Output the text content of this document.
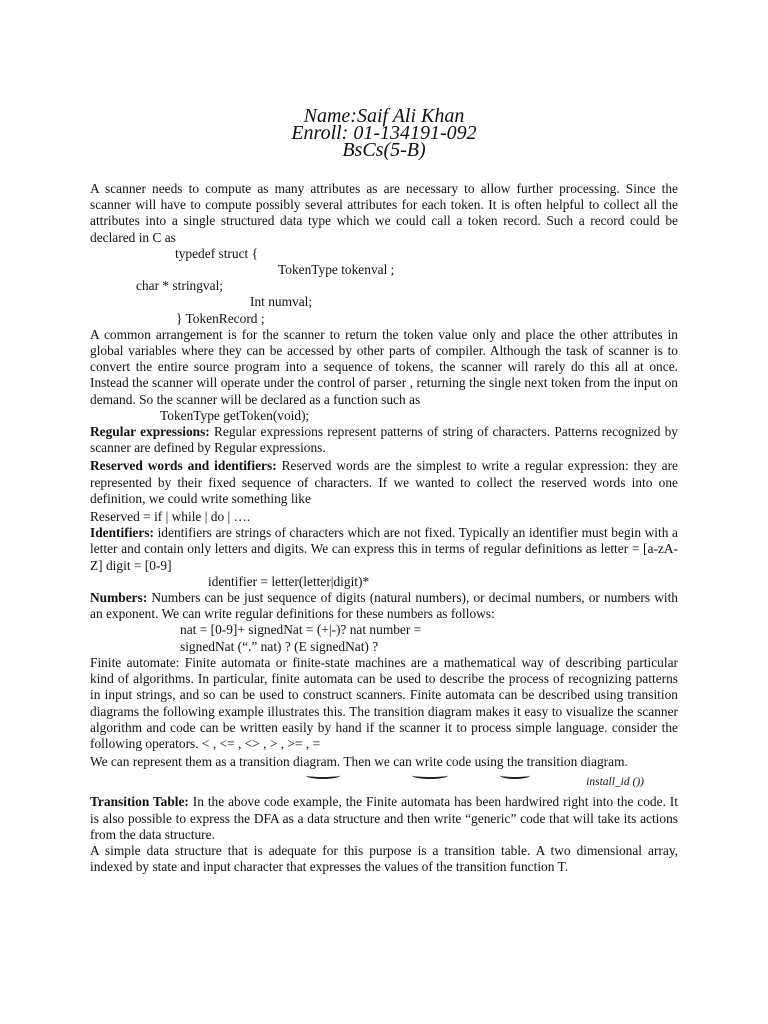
Name:Saif Ali Khan
Enroll: 01-134191-092
BsCs(5-B)

A scanner needs to compute as many attributes as are necessary to allow further processing. Since the scanner will have to compute possibly several attributes for each token. It is often helpful to collect all the attributes into a single structured data type which we could call a token record. Such a record could be declared in C as

typedef struct {
TokenType tokenval ;
char * stringval;
Int numval;
} TokenRecord ;

A common arrangement is for the scanner to return the token value only and place the other attributes in global variables where they can be accessed by other parts of compiler. Although the task of scanner is to convert the entire source program into a sequence of tokens, the scanner will rarely do this all at once. Instead the scanner will operate under the control of parser , returning the single next token from the input on demand. So the scanner will be declared as a function such as

TokenType getToken(void);

Regular expressions: Regular expressions represent patterns of string of characters. Patterns recognized by scanner are defined by Regular expressions.

Reserved words and identifiers: Reserved words are the simplest to write a regular expression: they are represented by their fixed sequence of characters. If we wanted to collect the reserved words into one definition, we could write something like

Reserved = if | while | do | ….

Identifiers: identifiers are strings of characters which are not fixed. Typically an identifier must begin with a letter and contain only letters and digits. We can express this in terms of regular definitions as letter = [a-zA-Z] digit = [0-9]

identifier = letter(letter|digit)*

Numbers: Numbers can be just sequence of digits (natural numbers), or decimal numbers, or numbers with an exponent. We can write regular definitions for these numbers as follows:

nat = [0-9]+ signedNat = (+|-)? nat number =
signedNat (“.” nat) ? (E signedNat) ?

Finite automate: Finite automata or finite-state machines are a mathematical way of describing particular kind of algorithms. In particular, finite automata can be used to describe the process of recognizing patterns in input strings, and so can be used to construct scanners. Finite automata can be described using transition diagrams the following example illustrates this. The transition diagram makes it easy to visualize the scanner algorithm and code can be written easily by hand if the scanner it to process simple language. consider the following operators. < , <= , <> , > , >= , =

We can represent them as a transition diagram. Then we can write code using the transition diagram.

install_id ())

Transition Table: In the above code example, the Finite automata has been hardwired right into the code. It is also possible to express the DFA as a data structure and then write “generic” code that will take its actions from the data structure.

A simple data structure that is adequate for this purpose is a transition table. A two dimensional array, indexed by state and input character that expresses the values of the transition function T.
